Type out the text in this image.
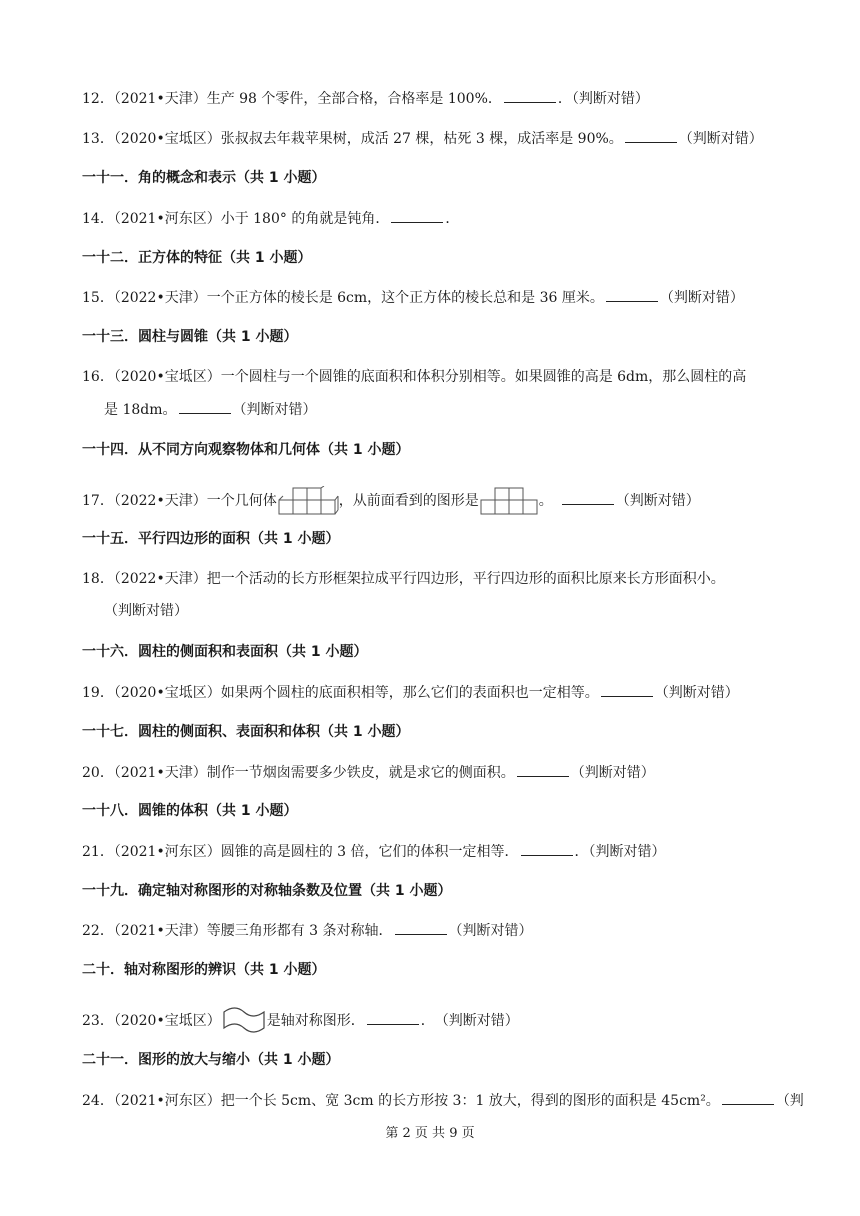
12．（2021•天津）生产 98 个零件，全部合格，合格率是 100%．	．（判断对错）
13．（2020•宝坻区）张叔叔去年栽苹果树，成活 27 棵，枯死 3 棵，成活率是 90%。	（判断对错）
一十一．角的概念和表示（共 1 小题）
14．（2021•河东区）小于 180° 的角就是钝角．	．
一十二．正方体的特征（共 1 小题）
15．（2022•天津）一个正方体的棱长是 6cm，这个正方体的棱长总和是 36 厘米。	（判断对错）
一十三．圆柱与圆锥（共 1 小题）
16．（2020•宝坻区）一个圆柱与一个圆锥的底面积和体积分别相等。如果圆锥的高是 6dm，那么圆柱的高
是 18dm。	（判断对错）
一十四．从不同方向观察物体和几何体（共 1 小题）
17．（2022•天津）一个几何体	，从前面看到的图形是	。　	（判断对错）
一十五．平行四边形的面积（共 1 小题）
18．（2022•天津）把一个活动的长方形框架拉成平行四边形，平行四边形的面积比原来长方形面积小。
（判断对错）
一十六．圆柱的侧面积和表面积（共 1 小题）
19．（2020•宝坻区）如果两个圆柱的底面积相等，那么它们的表面积也一定相等。	（判断对错）
一十七．圆柱的侧面积、表面积和体积（共 1 小题）
20．（2021•天津）制作一节烟囱需要多少铁皮，就是求它的侧面积。	（判断对错）
一十八．圆锥的体积（共 1 小题）
21．（2021•河东区）圆锥的高是圆柱的 3 倍，它们的体积一定相等．	．（判断对错）
一十九．确定轴对称图形的对称轴条数及位置（共 1 小题）
22．（2021•天津）等腰三角形都有 3 条对称轴．	（判断对错）
二十．轴对称图形的辨识（共 1 小题）
23．（2020•宝坻区）	是轴对称图形．	．　（判断对错）
二十一．图形的放大与缩小（共 1 小题）
24．（2021•河东区）把一个长 5cm、宽 3cm 的长方形按 3：1 放大，得到的图形的面积是 45cm²。	（判
第 2 页 共 9 页
